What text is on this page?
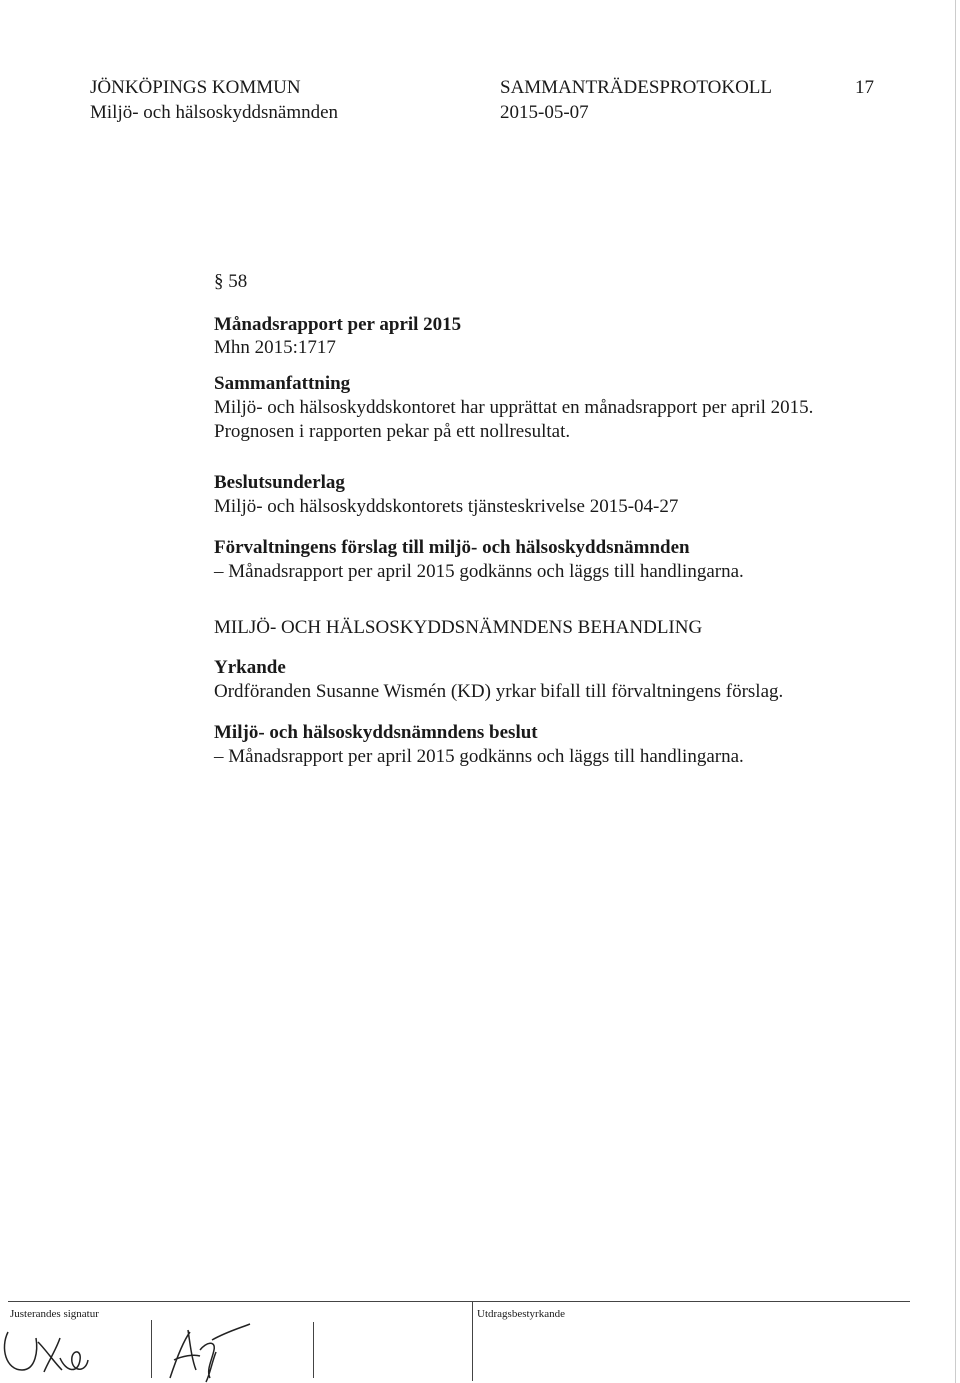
JÖNKÖPINGS KOMMUN
Miljö- och hälsoskyddsnämnden
SAMMANTRÄDESPROTOKOLL
2015-05-07
17
§ 58
Månadsrapport per april 2015
Mhn 2015:1717
Sammanfattning
Miljö- och hälsoskyddskontoret har upprättat en månadsrapport per april 2015.
Prognosen i rapporten pekar på ett nollresultat.
Beslutsunderlag
Miljö- och hälsoskyddskontorets tjänsteskrivelse 2015-04-27
Förvaltningens förslag till miljö- och hälsoskyddsnämnden
– Månadsrapport per april 2015 godkänns och läggs till handlingarna.
MILJÖ- OCH HÄLSOSKYDDSNÄMNDENS BEHANDLING
Yrkande
Ordföranden Susanne Wismén (KD) yrkar bifall till förvaltningens förslag.
Miljö- och hälsoskyddsnämndens beslut
– Månadsrapport per april 2015 godkänns och läggs till handlingarna.
Justerandes signatur	Utdragsbestyrkande
